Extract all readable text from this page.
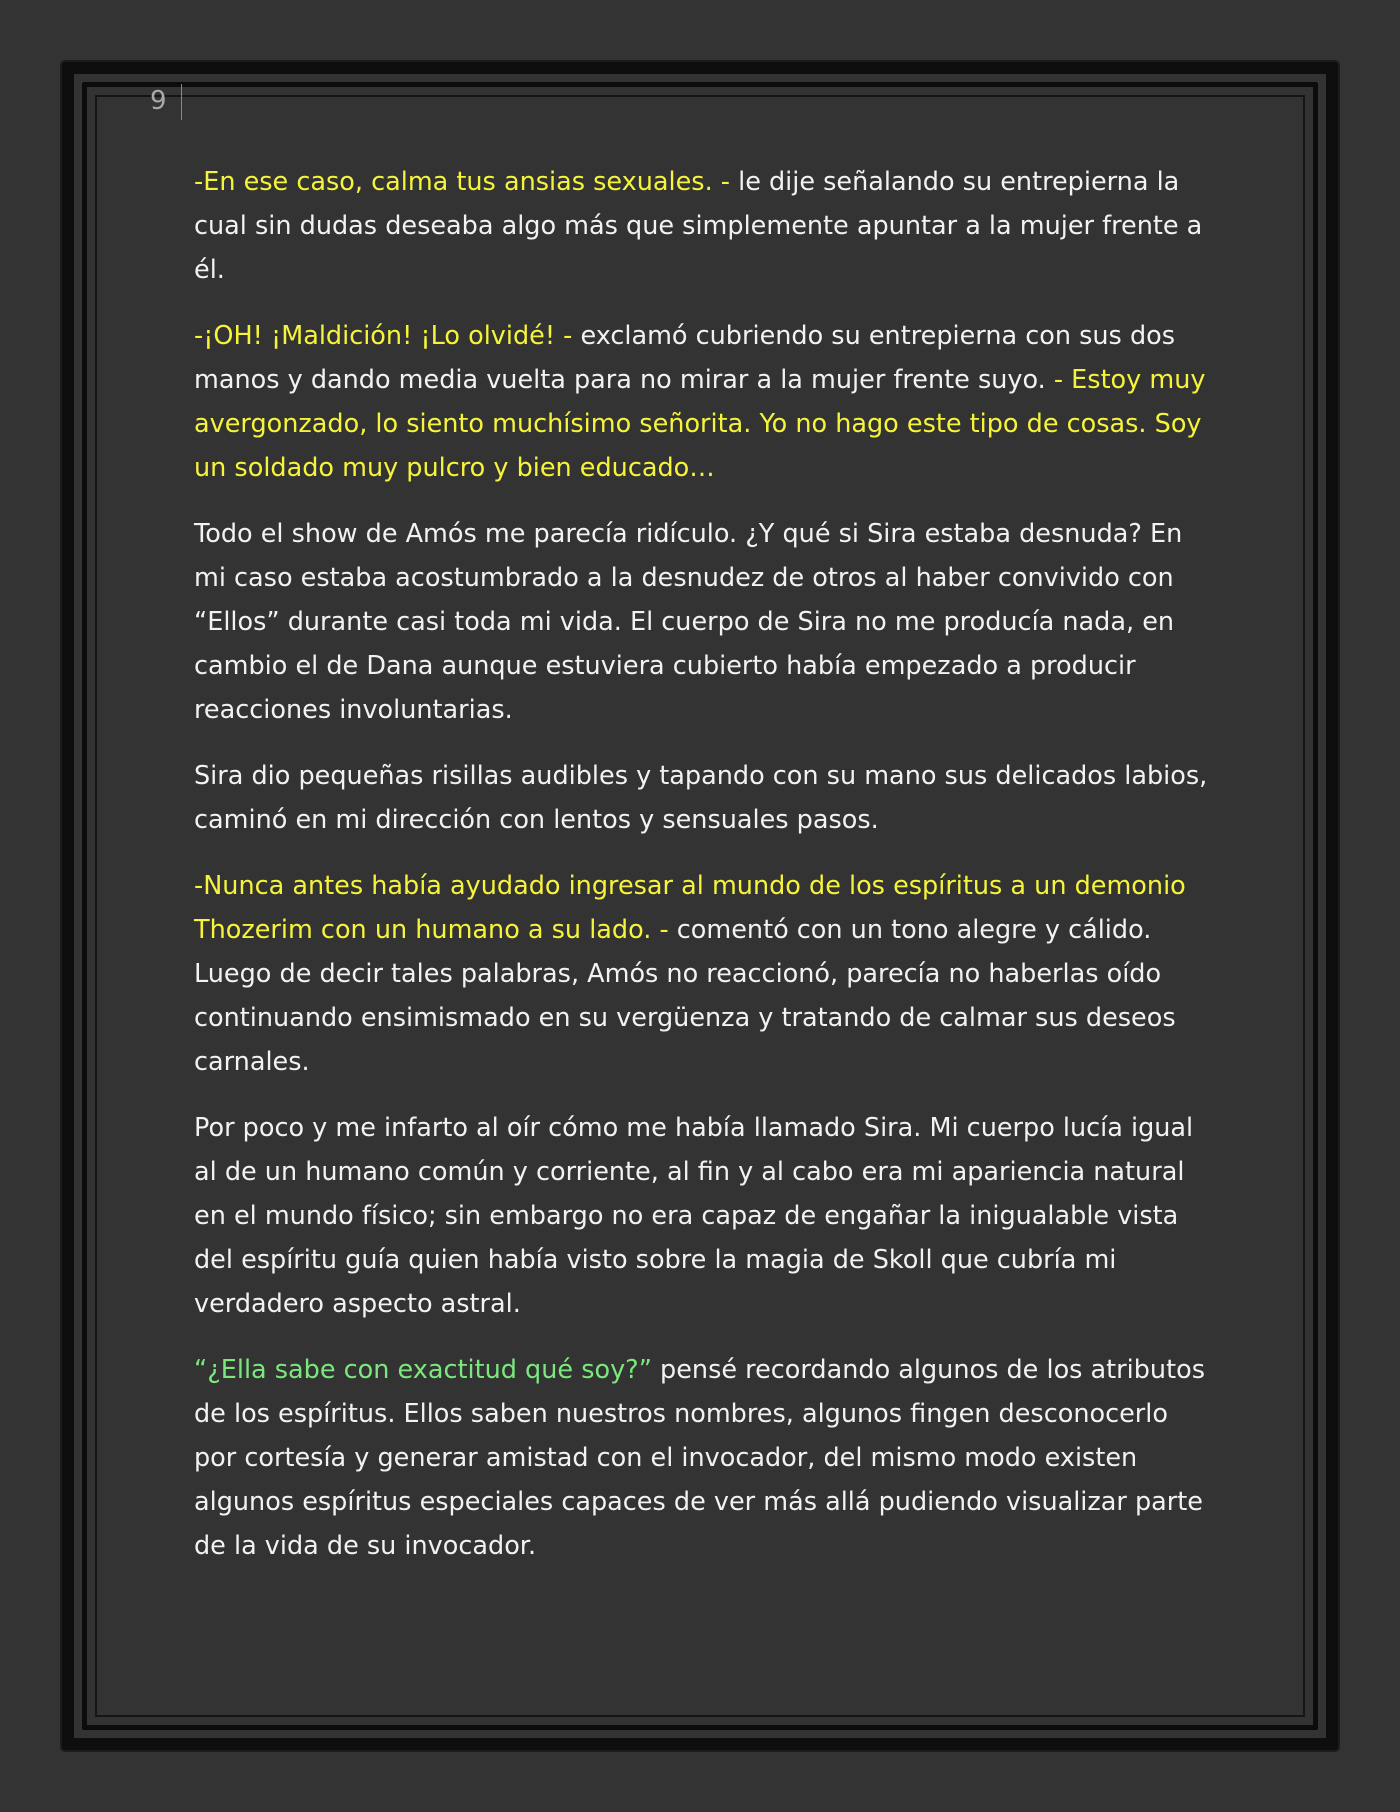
9

-En ese caso, calma tus ansias sexuales. - le dije señalando su entrepierna la cual sin dudas deseaba algo más que simplemente apuntar a la mujer frente a él.

-¡OH! ¡Maldición! ¡Lo olvidé! - exclamó cubriendo su entrepierna con sus dos manos y dando media vuelta para no mirar a la mujer frente suyo. - Estoy muy avergonzado, lo siento muchísimo señorita. Yo no hago este tipo de cosas. Soy un soldado muy pulcro y bien educado…

Todo el show de Amós me parecía ridículo. ¿Y qué si Sira estaba desnuda? En mi caso estaba acostumbrado a la desnudez de otros al haber convivido con “Ellos” durante casi toda mi vida. El cuerpo de Sira no me producía nada, en cambio el de Dana aunque estuviera cubierto había empezado a producir reacciones involuntarias.

Sira dio pequeñas risillas audibles y tapando con su mano sus delicados labios, caminó en mi dirección con lentos y sensuales pasos.

-Nunca antes había ayudado ingresar al mundo de los espíritus a un demonio Thozerim con un humano a su lado. - comentó con un tono alegre y cálido. Luego de decir tales palabras, Amós no reaccionó, parecía no haberlas oído continuando ensimismado en su vergüenza y tratando de calmar sus deseos carnales.

Por poco y me infarto al oír cómo me había llamado Sira. Mi cuerpo lucía igual al de un humano común y corriente, al fin y al cabo era mi apariencia natural en el mundo físico; sin embargo no era capaz de engañar la inigualable vista del espíritu guía quien había visto sobre la magia de Skoll que cubría mi verdadero aspecto astral.

“¿Ella sabe con exactitud qué soy?” pensé recordando algunos de los atributos de los espíritus. Ellos saben nuestros nombres, algunos fingen desconocerlo por cortesía y generar amistad con el invocador, del mismo modo existen algunos espíritus especiales capaces de ver más allá pudiendo visualizar parte de la vida de su invocador.
